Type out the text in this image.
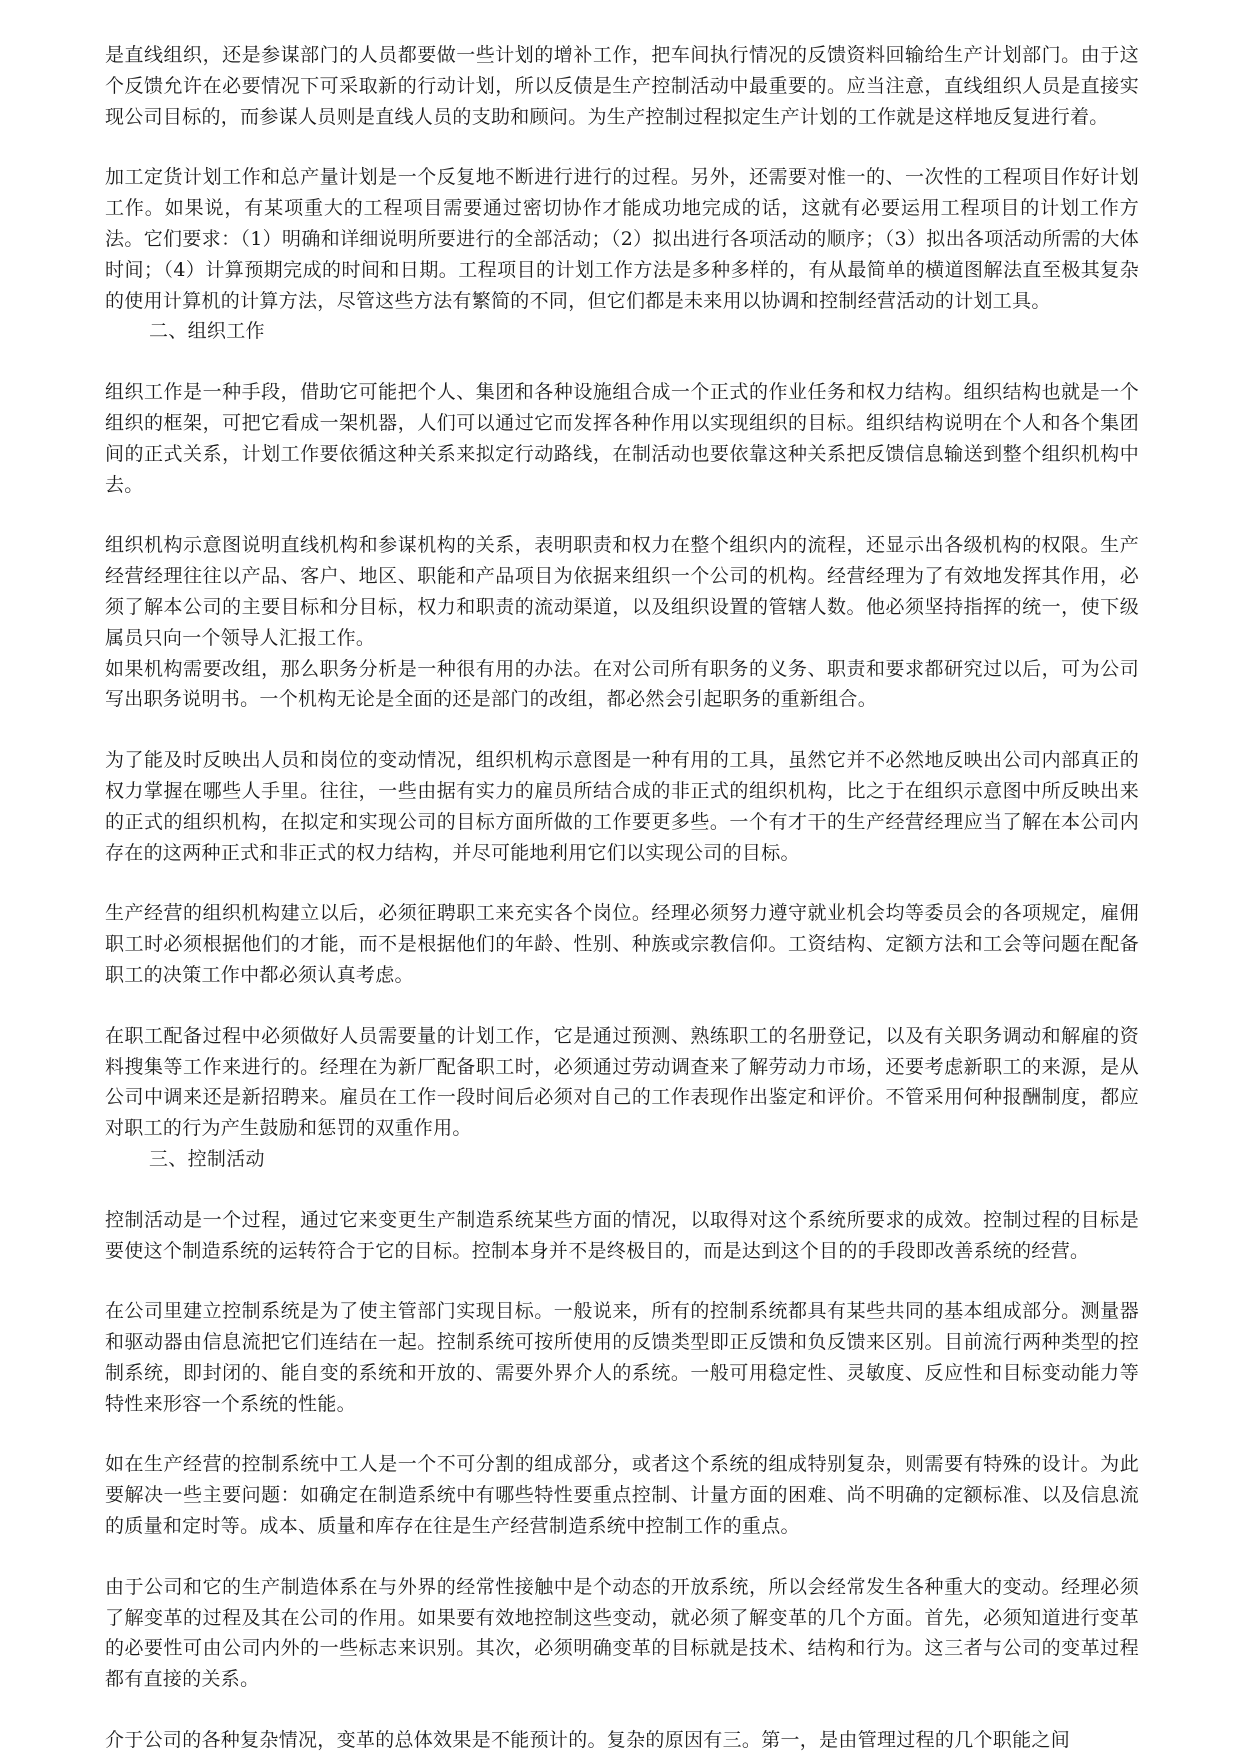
是直线组织，还是参谋部门的人员都要做一些计划的增补工作，把车间执行情况的反馈资料回输给生产计划部门。由于这个反馈允许在必要情况下可采取新的行动计划，所以反债是生产控制活动中最重要的。应当注意，直线组织人员是直接实现公司目标的，而参谋人员则是直线人员的支助和顾问。为生产控制过程拟定生产计划的工作就是这样地反复进行着。

加工定货计划工作和总产量计划是一个反复地不断进行进行的过程。另外，还需要对惟一的、一次性的工程项目作好计划工作。如果说，有某项重大的工程项目需要通过密切协作才能成功地完成的话，这就有必要运用工程项目的计划工作方法。它们要求：（1）明确和详细说明所要进行的全部活动；（2）拟出进行各项活动的顺序；（3）拟出各项活动所需的大体时间；（4）计算预期完成的时间和日期。工程项目的计划工作方法是多种多样的，有从最简单的横道图解法直至极其复杂的使用计算机的计算方法，尽管这些方法有繁简的不同，但它们都是未来用以协调和控制经营活动的计划工具。

二、组织工作

组织工作是一种手段，借助它可能把个人、集团和各种设施组合成一个正式的作业任务和权力结构。组织结构也就是一个组织的框架，可把它看成一架机器，人们可以通过它而发挥各种作用以实现组织的目标。组织结构说明在个人和各个集团间的正式关系，计划工作要依循这种关系来拟定行动路线，在制活动也要依靠这种关系把反馈信息输送到整个组织机构中去。

组织机构示意图说明直线机构和参谋机构的关系，表明职责和权力在整个组织内的流程，还显示出各级机构的权限。生产经营经理往往以产品、客户、地区、职能和产品项目为依据来组织一个公司的机构。经营经理为了有效地发挥其作用，必须了解本公司的主要目标和分目标，权力和职责的流动渠道，以及组织设置的管辖人数。他必须坚持指挥的统一，使下级属员只向一个领导人汇报工作。

如果机构需要改组，那么职务分析是一种很有用的办法。在对公司所有职务的义务、职责和要求都研究过以后，可为公司写出职务说明书。一个机构无论是全面的还是部门的改组，都必然会引起职务的重新组合。

为了能及时反映出人员和岗位的变动情况，组织机构示意图是一种有用的工具，虽然它并不必然地反映出公司内部真正的权力掌握在哪些人手里。往往，一些由据有实力的雇员所结合成的非正式的组织机构，比之于在组织示意图中所反映出来的正式的组织机构，在拟定和实现公司的目标方面所做的工作要更多些。一个有才干的生产经营经理应当了解在本公司内存在的这两种正式和非正式的权力结构，并尽可能地利用它们以实现公司的目标。

生产经营的组织机构建立以后，必须征聘职工来充实各个岗位。经理必须努力遵守就业机会均等委员会的各项规定，雇佣职工时必须根据他们的才能，而不是根据他们的年龄、性别、种族或宗教信仰。工资结构、定额方法和工会等问题在配备职工的决策工作中都必须认真考虑。

在职工配备过程中必须做好人员需要量的计划工作，它是通过预测、熟练职工的名册登记，以及有关职务调动和解雇的资料搜集等工作来进行的。经理在为新厂配备职工时，必须通过劳动调查来了解劳动力市场，还要考虑新职工的来源，是从公司中调来还是新招聘来。雇员在工作一段时间后必须对自己的工作表现作出鉴定和评价。不管采用何种报酬制度，都应对职工的行为产生鼓励和惩罚的双重作用。

三、控制活动

控制活动是一个过程，通过它来变更生产制造系统某些方面的情况，以取得对这个系统所要求的成效。控制过程的目标是要使这个制造系统的运转符合于它的目标。控制本身并不是终极目的，而是达到这个目的的手段即改善系统的经营。

在公司里建立控制系统是为了使主管部门实现目标。一般说来，所有的控制系统都具有某些共同的基本组成部分。测量器和驱动器由信息流把它们连结在一起。控制系统可按所使用的反馈类型即正反馈和负反馈来区别。目前流行两种类型的控制系统，即封闭的、能自变的系统和开放的、需要外界介人的系统。一般可用稳定性、灵敏度、反应性和目标变动能力等特性来形容一个系统的性能。

如在生产经营的控制系统中工人是一个不可分割的组成部分，或者这个系统的组成特别复杂，则需要有特殊的设计。为此要解决一些主要问题：如确定在制造系统中有哪些特性要重点控制、计量方面的困难、尚不明确的定额标准、以及信息流的质量和定时等。成本、质量和库存在往是生产经营制造系统中控制工作的重点。

由于公司和它的生产制造体系在与外界的经常性接触中是个动态的开放系统，所以会经常发生各种重大的变动。经理必须了解变革的过程及其在公司的作用。如果要有效地控制这些变动，就必须了解变革的几个方面。首先，必须知道进行变革的必要性可由公司内外的一些标志来识别。其次，必须明确变革的目标就是技术、结构和行为。这三者与公司的变革过程都有直接的关系。

介于公司的各种复杂情况，变革的总体效果是不能预计的。复杂的原因有三。第一，是由管理过程的几个职能之间
